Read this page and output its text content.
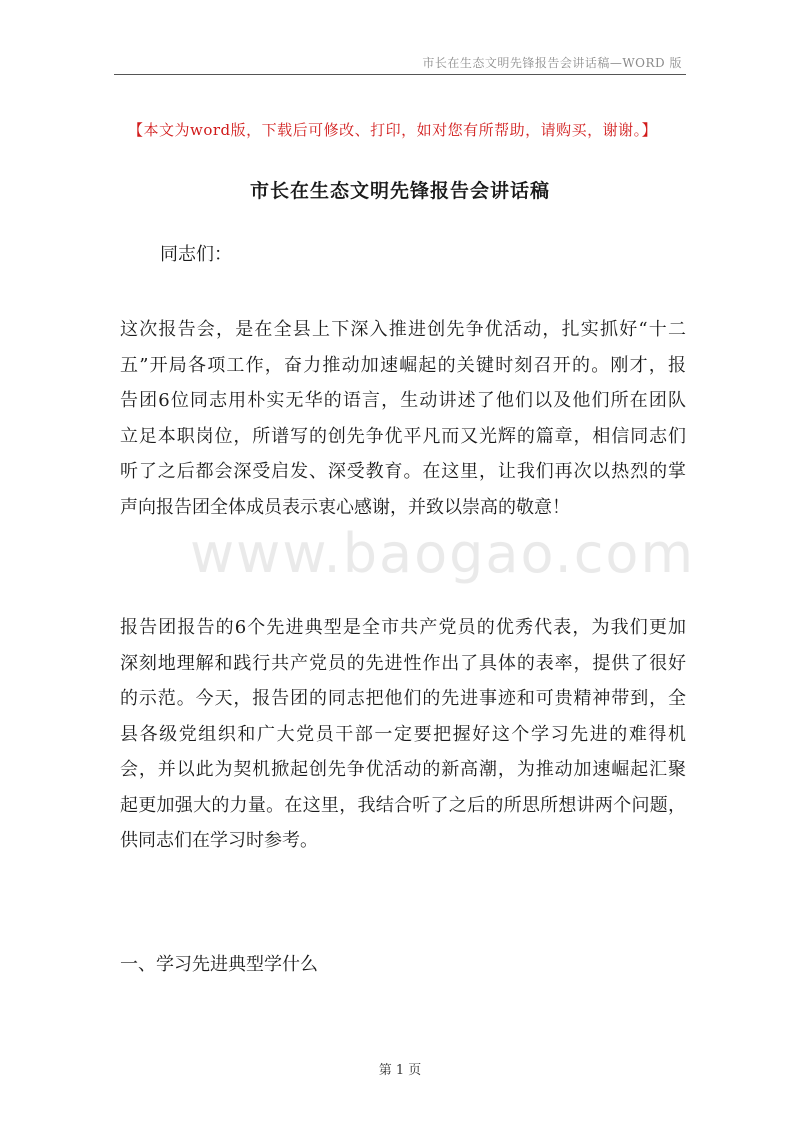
市长在生态文明先锋报告会讲话稿—WORD 版
【本文为word版，下载后可修改、打印，如对您有所帮助，请购买，谢谢。】
市长在生态文明先锋报告会讲话稿
同志们：
这次报告会，是在全县上下深入推进创先争优活动，扎实抓好“十二
五”开局各项工作，奋力推动加速崛起的关键时刻召开的。刚才，报
告团6位同志用朴实无华的语言，生动讲述了他们以及他们所在团队
立足本职岗位，所谱写的创先争优平凡而又光辉的篇章，相信同志们
听了之后都会深受启发、深受教育。在这里，让我们再次以热烈的掌
声向报告团全体成员表示衷心感谢，并致以崇高的敬意！
www.baogao.com
报告团报告的6个先进典型是全市共产党员的优秀代表，为我们更加
深刻地理解和践行共产党员的先进性作出了具体的表率，提供了很好
的示范。今天，报告团的同志把他们的先进事迹和可贵精神带到，全
县各级党组织和广大党员干部一定要把握好这个学习先进的难得机
会，并以此为契机掀起创先争优活动的新高潮，为推动加速崛起汇聚
起更加强大的力量。在这里，我结合听了之后的所思所想讲两个问题，
供同志们在学习时参考。
一、学习先进典型学什么
第 1 页
